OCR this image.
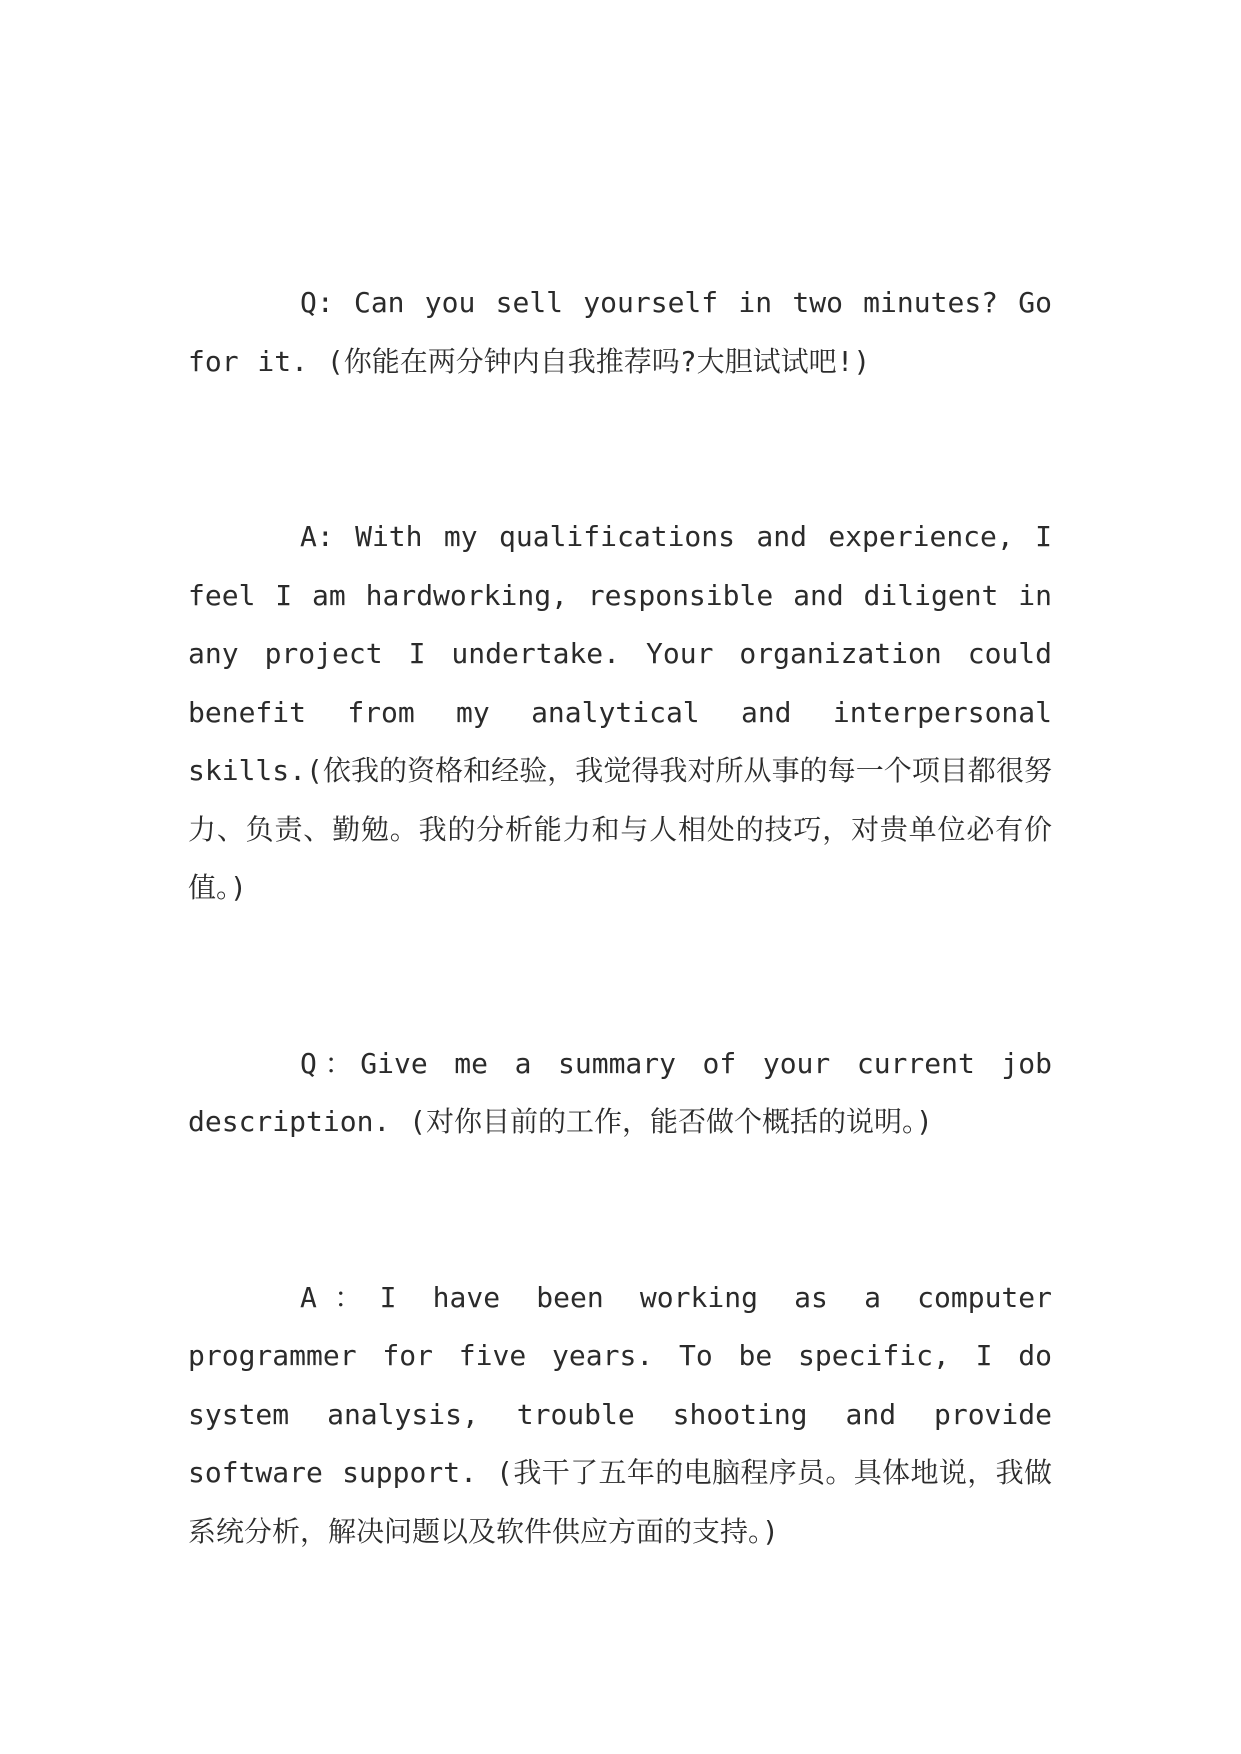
Q: Can you sell yourself in two minutes? Go for it. (你能在两分钟内自我推荐吗?大胆试试吧!)

A: With my qualifications and experience, I feel I am hardworking, responsible and diligent in any project I undertake. Your organization could benefit from my analytical and interpersonal skills.(依我的资格和经验，我觉得我对所从事的每一个项目都很努力、负责、勤勉。我的分析能力和与人相处的技巧，对贵单位必有价值。)

Q：Give me a summary of your current job description. (对你目前的工作，能否做个概括的说明。)

A：I have been working as a computer programmer for five years. To be specific, I do system analysis, trouble shooting and provide software support. (我干了五年的电脑程序员。具体地说，我做系统分析，解决问题以及软件供应方面的支持。)
